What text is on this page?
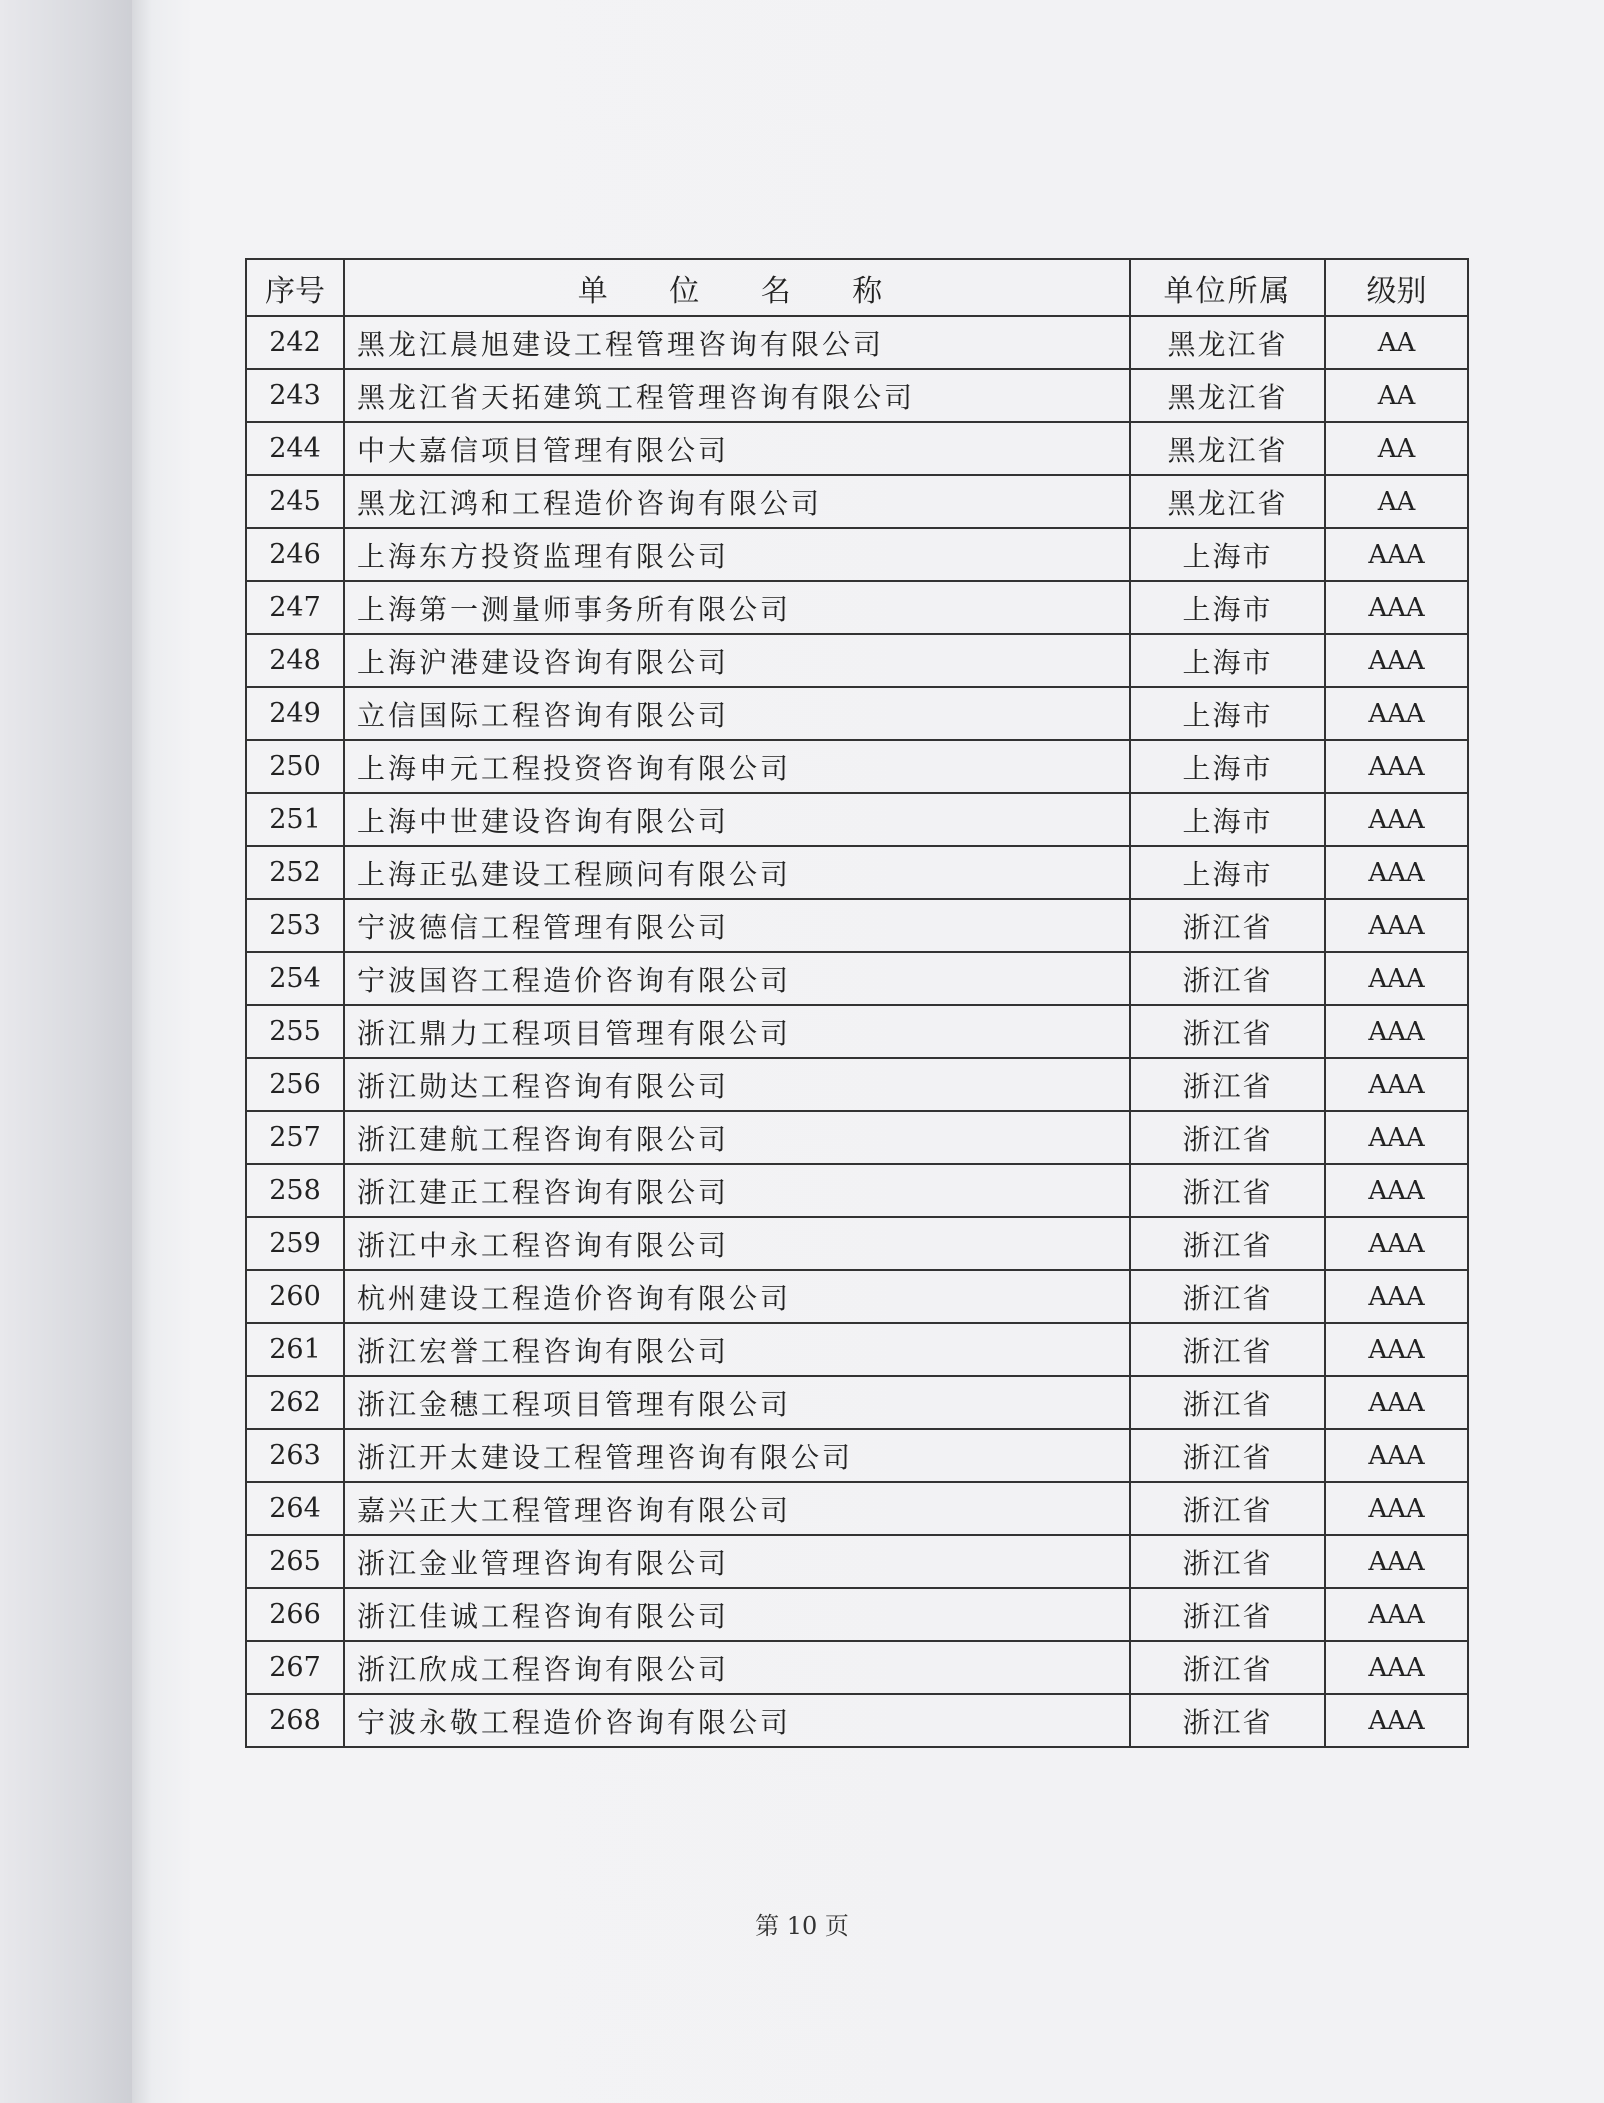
序号	单 位 名 称	单位所属	级别
242	黑龙江晨旭建设工程管理咨询有限公司	黑龙江省	AA
243	黑龙江省天拓建筑工程管理咨询有限公司	黑龙江省	AA
244	中大嘉信项目管理有限公司	黑龙江省	AA
245	黑龙江鸿和工程造价咨询有限公司	黑龙江省	AA
246	上海东方投资监理有限公司	上海市	AAA
247	上海第一测量师事务所有限公司	上海市	AAA
248	上海沪港建设咨询有限公司	上海市	AAA
249	立信国际工程咨询有限公司	上海市	AAA
250	上海申元工程投资咨询有限公司	上海市	AAA
251	上海中世建设咨询有限公司	上海市	AAA
252	上海正弘建设工程顾问有限公司	上海市	AAA
253	宁波德信工程管理有限公司	浙江省	AAA
254	宁波国咨工程造价咨询有限公司	浙江省	AAA
255	浙江鼎力工程项目管理有限公司	浙江省	AAA
256	浙江勋达工程咨询有限公司	浙江省	AAA
257	浙江建航工程咨询有限公司	浙江省	AAA
258	浙江建正工程咨询有限公司	浙江省	AAA
259	浙江中永工程咨询有限公司	浙江省	AAA
260	杭州建设工程造价咨询有限公司	浙江省	AAA
261	浙江宏誉工程咨询有限公司	浙江省	AAA
262	浙江金穗工程项目管理有限公司	浙江省	AAA
263	浙江开太建设工程管理咨询有限公司	浙江省	AAA
264	嘉兴正大工程管理咨询有限公司	浙江省	AAA
265	浙江金业管理咨询有限公司	浙江省	AAA
266	浙江佳诚工程咨询有限公司	浙江省	AAA
267	浙江欣成工程咨询有限公司	浙江省	AAA
268	宁波永敬工程造价咨询有限公司	浙江省	AAA
第 10 页
